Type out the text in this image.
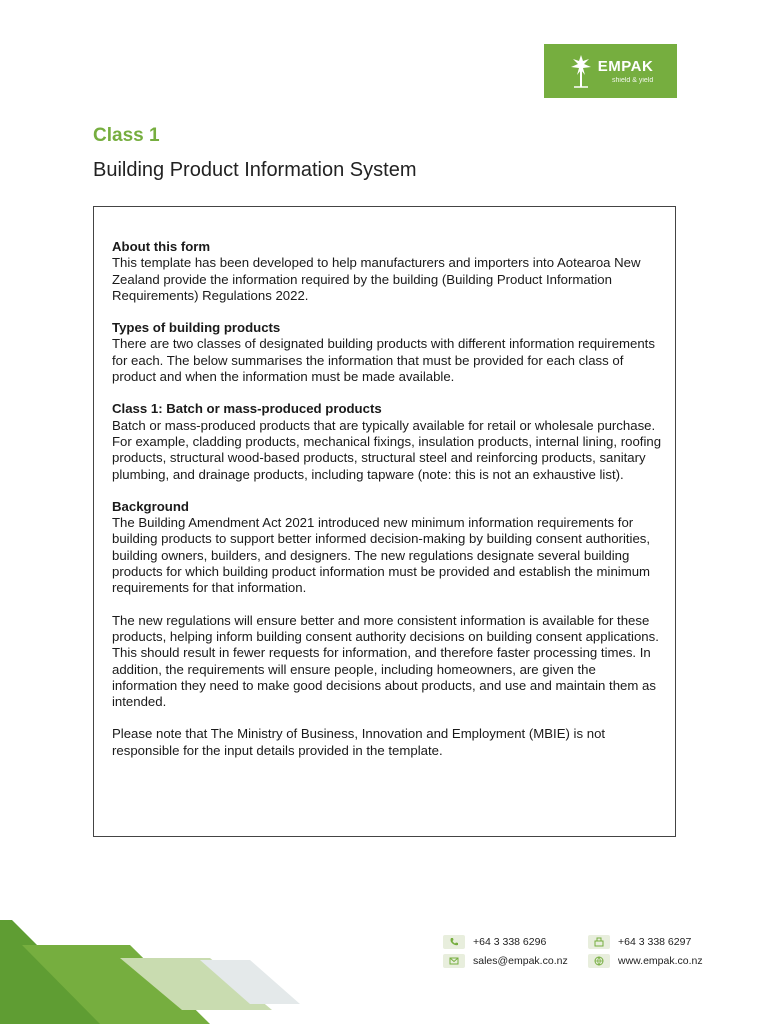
EMPAK
shield & yield
Class 1
Building Product Information System
About this form

This template has been developed to help manufacturers and importers into Aotearoa New Zealand provide the information required by the building (Building Product Information Requirements) Regulations 2022.

Types of building products

There are two classes of designated building products with different information requirements for each. The below summarises the information that must be provided for each class of product and when the information must be made available.

Class 1: Batch or mass-produced products

Batch or mass-produced products that are typically available for retail or wholesale purchase. For example, cladding products, mechanical fixings, insulation products, internal lining, roofing products, structural wood-based products, structural steel and reinforcing products, sanitary plumbing, and drainage products, including tapware (note: this is not an exhaustive list).

Background

The Building Amendment Act 2021 introduced new minimum information requirements for building products to support better informed decision-making by building consent authorities, building owners, builders, and designers. The new regulations designate several building products for which building product information must be provided and establish the minimum requirements for that information.

The new regulations will ensure better and more consistent information is available for these products, helping inform building consent authority decisions on building consent applications. This should result in fewer requests for information, and therefore faster processing times. In addition, the requirements will ensure people, including homeowners, are given the information they need to make good decisions about products, and use and maintain them as intended.

Please note that The Ministry of Business, Innovation and Employment (MBIE) is not responsible for the input details provided in the template.

+64 3 338 6296	+64 3 338 6297
sales@empak.co.nz	www.empak.co.nz
